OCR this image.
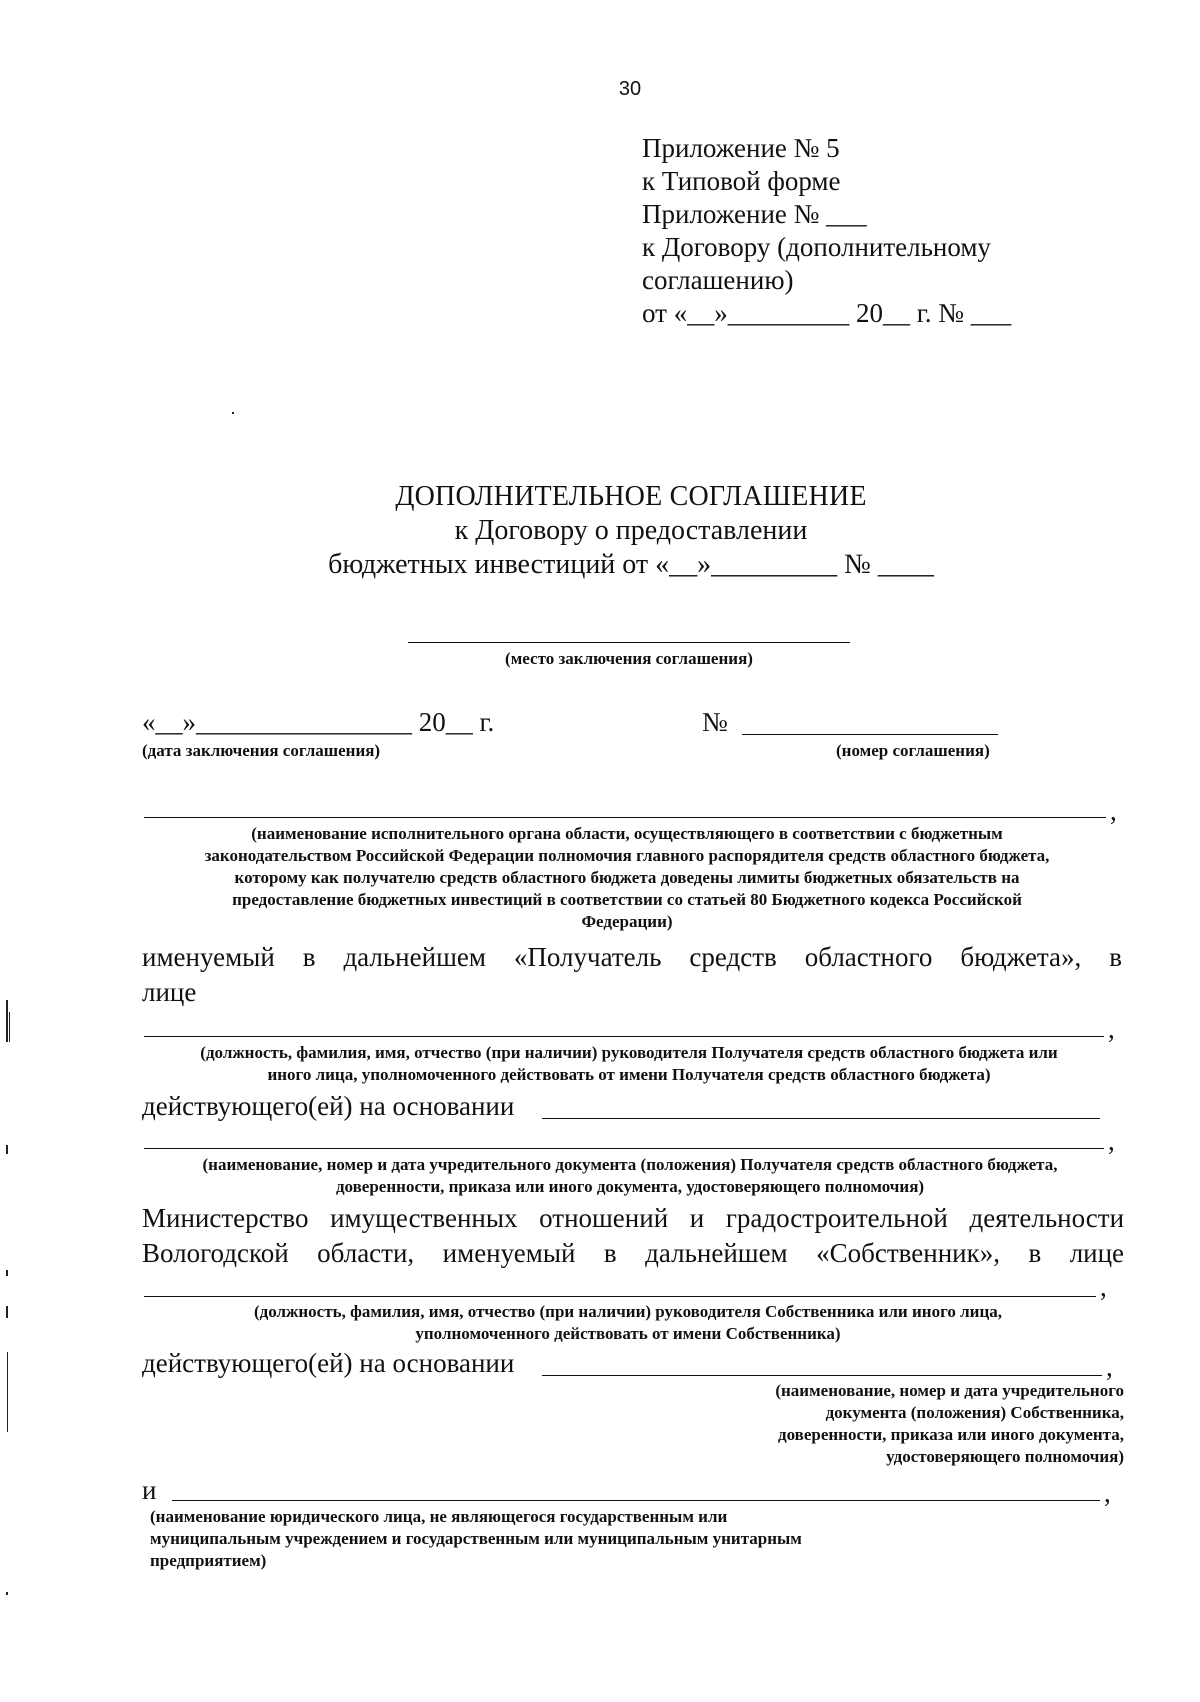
30
Приложение № 5
к Типовой форме
Приложение № ___
к Договору (дополнительному
соглашению)
от «__»_________ 20__ г. № ___
ДОПОЛНИТЕЛЬНОЕ СОГЛАШЕНИЕ
к Договору о предоставлении
бюджетных инвестиций от «__»_________ № ____
(место заключения соглашения)
«__»________________ 20__ г.
(дата заключения соглашения)
№
(номер соглашения)
,
(наименование исполнительного органа области, осуществляющего в соответствии с бюджетным
законодательством Российской Федерации полномочия главного распорядителя средств областного бюджета,
которому как получателю средств областного бюджета доведены лимиты бюджетных обязательств на
предоставление бюджетных инвестиций в соответствии со статьей 80 Бюджетного кодекса Российской
Федерации)
именуемый в дальнейшем «Получатель средств областного бюджета», в
лице
,
(должность, фамилия, имя, отчество (при наличии) руководителя Получателя средств областного бюджета или
иного лица, уполномоченного действовать от имени Получателя средств областного бюджета)
действующего(ей) на основании
,
(наименование, номер и дата учредительного документа (положения) Получателя средств областного бюджета,
доверенности, приказа или иного документа, удостоверяющего полномочия)
Министерство имущественных отношений и градостроительной деятельности
Вологодской области, именуемый в дальнейшем «Собственник», в лице
,
(должность, фамилия, имя, отчество (при наличии) руководителя Собственника или иного лица,
уполномоченного действовать от имени Собственника)
действующего(ей) на основании	,
(наименование, номер и дата учредительного
документа (положения) Собственника,
доверенности, приказа или иного документа,
удостоверяющего полномочия)
и	,
(наименование юридического лица, не являющегося государственным или
муниципальным учреждением и государственным или муниципальным унитарным
предприятием)
